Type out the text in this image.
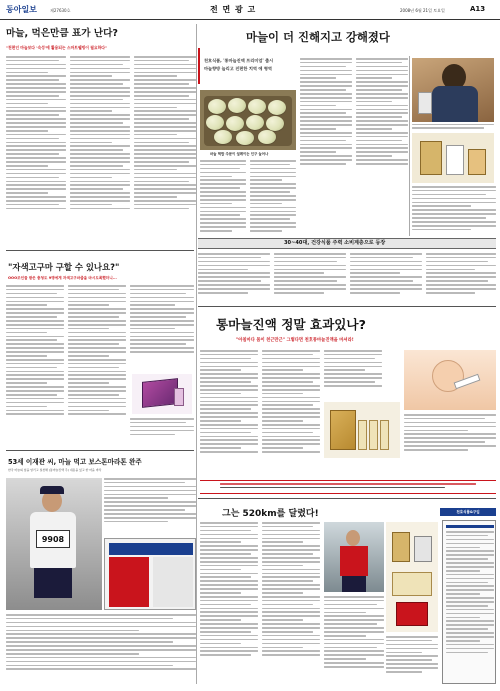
동아일보	제27630호	전 면 광 고	2008년 6월 21일 토요일	A13
마늘, 먹은만큼 표가 난다?
"천편인 마늘보다 '숙성'에 활용되는 스마트웰빙이 필요하다"
마늘 떡밥 주문이 설레이는 인구 늘어나
마늘이 더 진해지고 강해졌다
천호식품, '통마늘진액 프리미엄' 출시
마늘향방 늘리고 진편한 치역 에 형역
30~40대, 건강식품 주력 소비계층으로 등장
"자색고구마 구할 수 있나요?"
OOO조인들 받은 충청도 9명에게 자색고구마즙을 마시도록했더니...
통마늘진액 정말 효과있나?
"아침마다 몸이 천근만근" 그렇다면 천호통마늘진액을 마셔라!
53세 이재관 씨, 마늘 먹고 보스톤마라톤 완주
한국 마늘의 힘을 알리고 실천해 (통마늘진액 주) 내용을 있고 한 마을 마라
9908
그는 520km를 달렸다!	천호식품&구입
